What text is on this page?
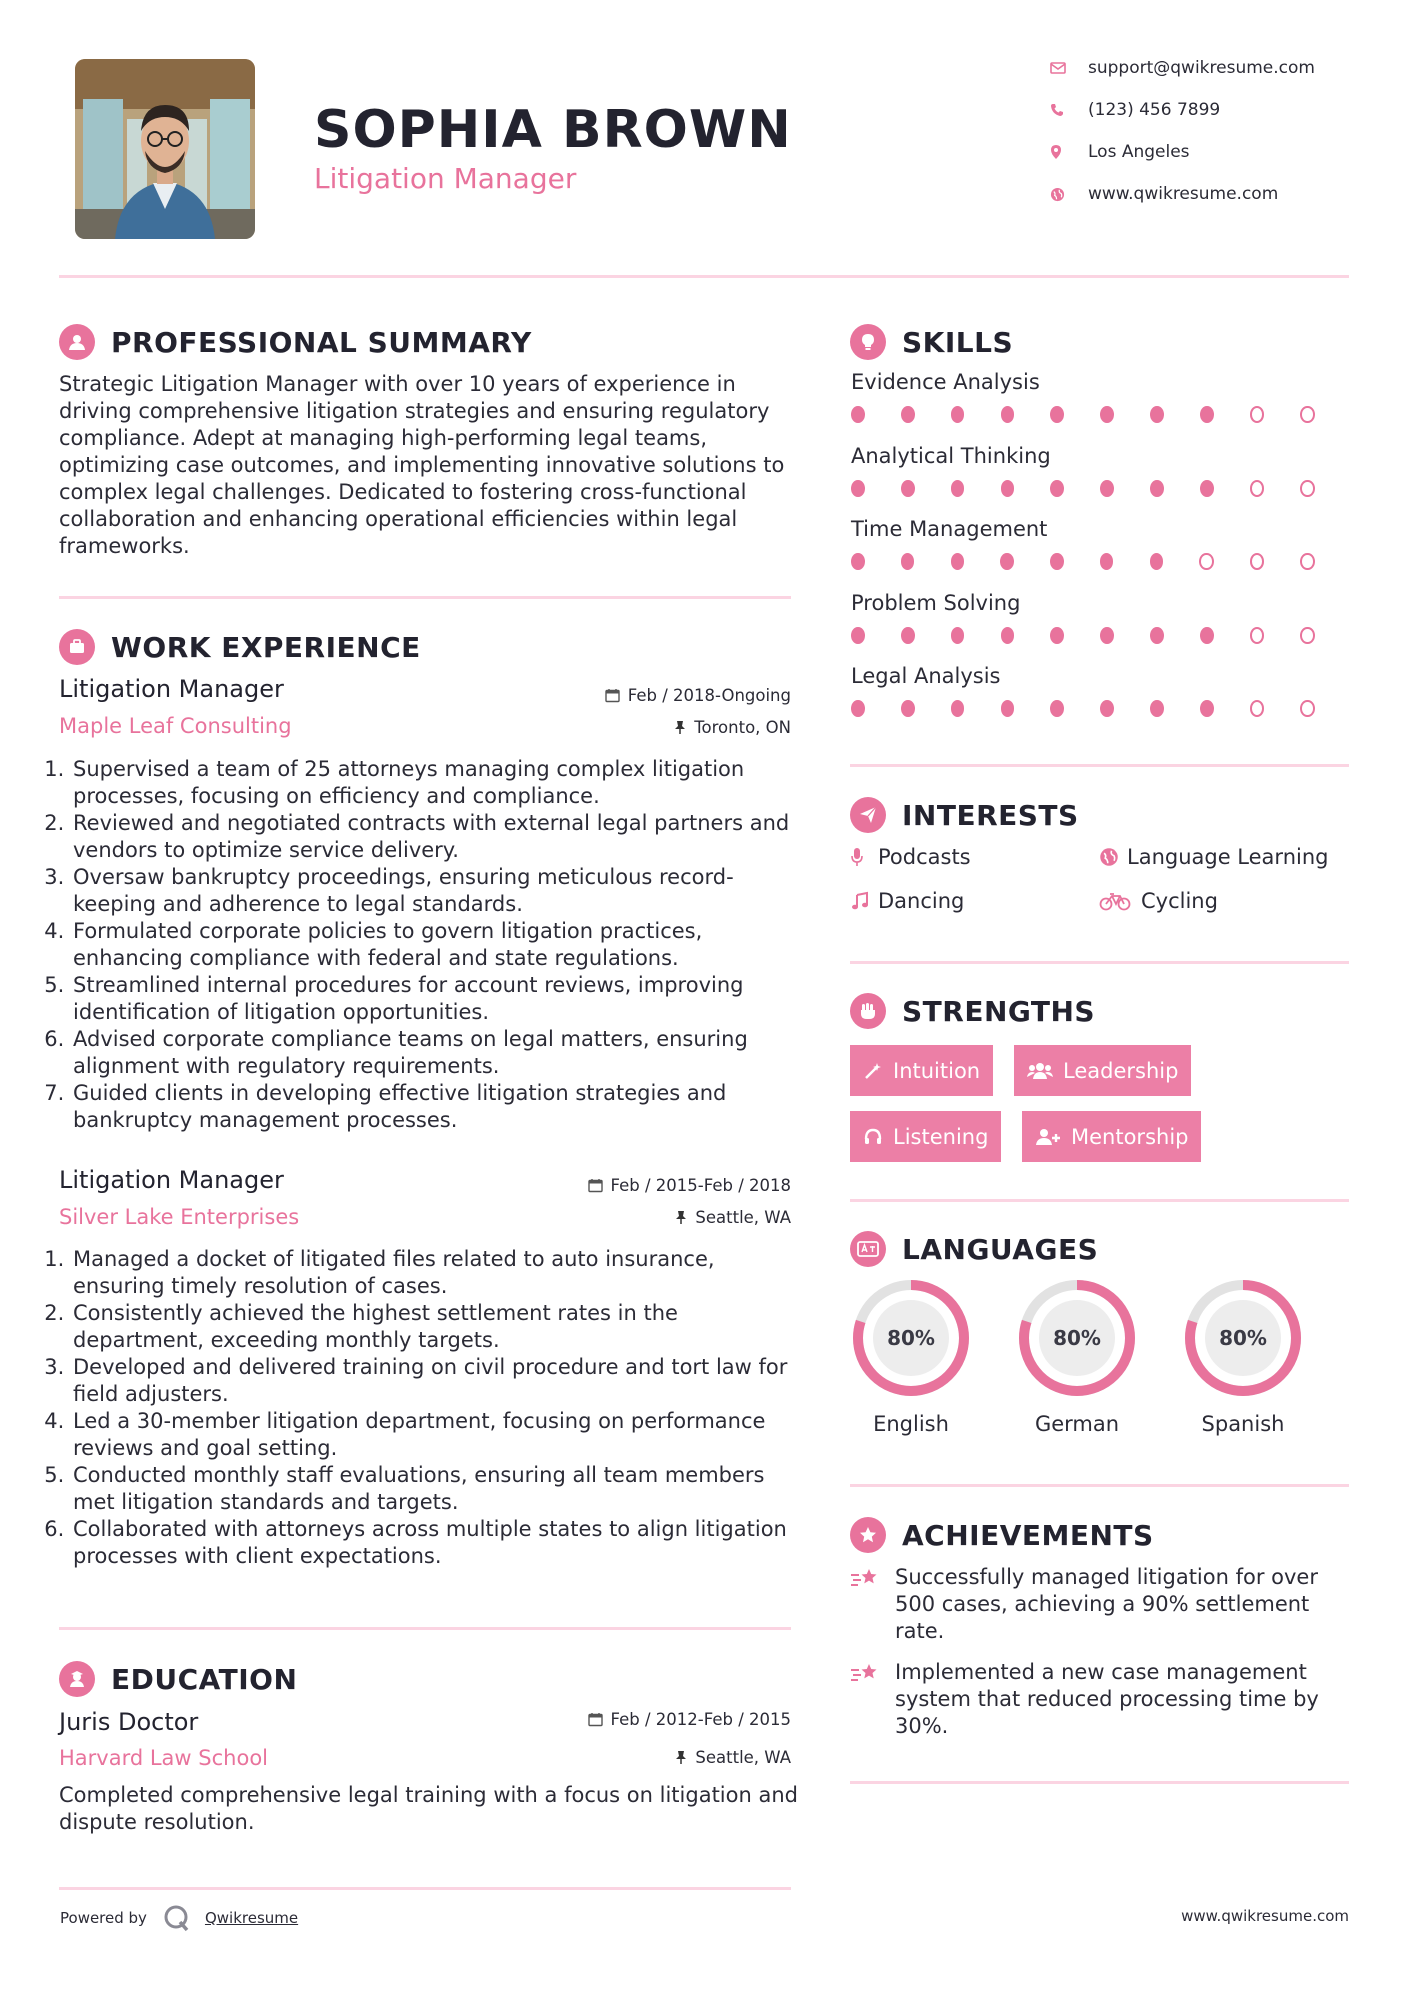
SOPHIA BROWN
Litigation Manager
support@qwikresume.com
(123) 456 7899
Los Angeles
www.qwikresume.com
PROFESSIONAL SUMMARY
Strategic Litigation Manager with over 10 years of experience in driving comprehensive litigation strategies and ensuring regulatory compliance. Adept at managing high-performing legal teams, optimizing case outcomes, and implementing innovative solutions to complex legal challenges. Dedicated to fostering cross-functional collaboration and enhancing operational efficiencies within legal frameworks.
WORK EXPERIENCE
Litigation Manager	Feb / 2018-Ongoing
Maple Leaf Consulting	Toronto, ON
1. Supervised a team of 25 attorneys managing complex litigation processes, focusing on efficiency and compliance.
2. Reviewed and negotiated contracts with external legal partners and vendors to optimize service delivery.
3. Oversaw bankruptcy proceedings, ensuring meticulous record-keeping and adherence to legal standards.
4. Formulated corporate policies to govern litigation practices, enhancing compliance with federal and state regulations.
5. Streamlined internal procedures for account reviews, improving identification of litigation opportunities.
6. Advised corporate compliance teams on legal matters, ensuring alignment with regulatory requirements.
7. Guided clients in developing effective litigation strategies and bankruptcy management processes.
Litigation Manager	Feb / 2015-Feb / 2018
Silver Lake Enterprises	Seattle, WA
1. Managed a docket of litigated files related to auto insurance, ensuring timely resolution of cases.
2. Consistently achieved the highest settlement rates in the department, exceeding monthly targets.
3. Developed and delivered training on civil procedure and tort law for field adjusters.
4. Led a 30-member litigation department, focusing on performance reviews and goal setting.
5. Conducted monthly staff evaluations, ensuring all team members met litigation standards and targets.
6. Collaborated with attorneys across multiple states to align litigation processes with client expectations.
EDUCATION
Juris Doctor	Feb / 2012-Feb / 2015
Harvard Law School	Seattle, WA
Completed comprehensive legal training with a focus on litigation and dispute resolution.
SKILLS
Evidence Analysis
Analytical Thinking
Time Management
Problem Solving
Legal Analysis
INTERESTS
Podcasts	Language Learning
Dancing	Cycling
STRENGTHS
Intuition	Leadership
Listening	Mentorship
LANGUAGES
80%
English
80%
German
80%
Spanish
ACHIEVEMENTS
Successfully managed litigation for over 500 cases, achieving a 90% settlement rate.
Implemented a new case management system that reduced processing time by 30%.
Powered by	Qwikresume	www.qwikresume.com
